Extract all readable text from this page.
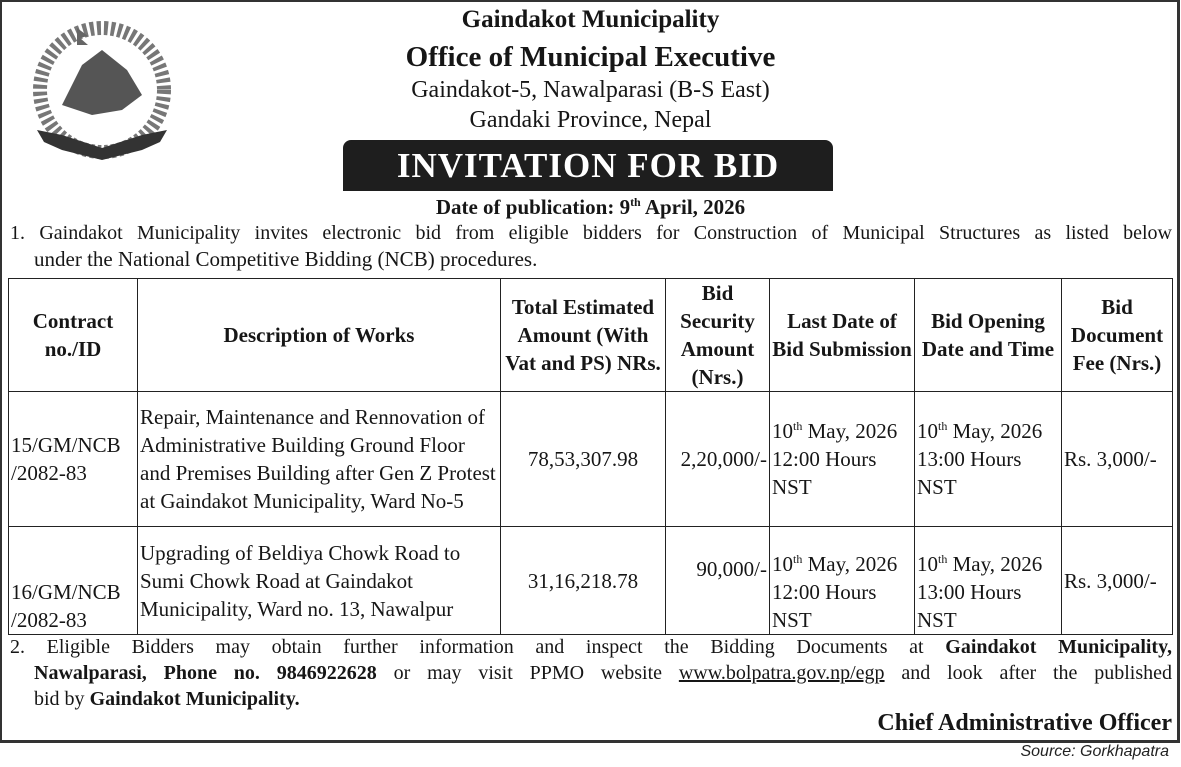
Gaindakot Municipality
Office of Municipal Executive
Gaindakot-5, Nawalparasi (B-S East)
Gandaki Province, Nepal
INVITATION FOR BID
Date of publication: 9th April, 2026
1. Gaindakot Municipality invites electronic bid from eligible bidders for Construction of Municipal Structures as listed below
under the National Competitive Bidding (NCB) procedures.
Contract no./ID	Description of Works	Total Estimated Amount (With Vat and PS) NRs.	Bid Security Amount (Nrs.)	Last Date of Bid Submission	Bid Opening Date and Time	Bid Document Fee (Nrs.)
15/GM/NCB /2082-83	Repair, Maintenance and Rennovation of Administrative Building Ground Floor and Premises Building after Gen Z Protest at Gaindakot Municipality, Ward No-5	78,53,307.98	2,20,000/-	10th May, 2026 12:00 Hours NST	10th May, 2026 13:00 Hours NST	Rs. 3,000/-
16/GM/NCB /2082-83	Upgrading of Beldiya Chowk Road to Sumi Chowk Road at Gaindakot Municipality, Ward no. 13, Nawalpur	31,16,218.78	90,000/-	10th May, 2026 12:00 Hours NST	10th May, 2026 13:00 Hours NST	Rs. 3,000/-
2. Eligible Bidders may obtain further information and inspect the Bidding Documents at Gaindakot Municipality,
Nawalparasi, Phone no. 9846922628 or may visit PPMO website www.bolpatra.gov.np/egp and look after the published
bid by Gaindakot Municipality.
Chief Administrative Officer
Source: Gorkhapatra
